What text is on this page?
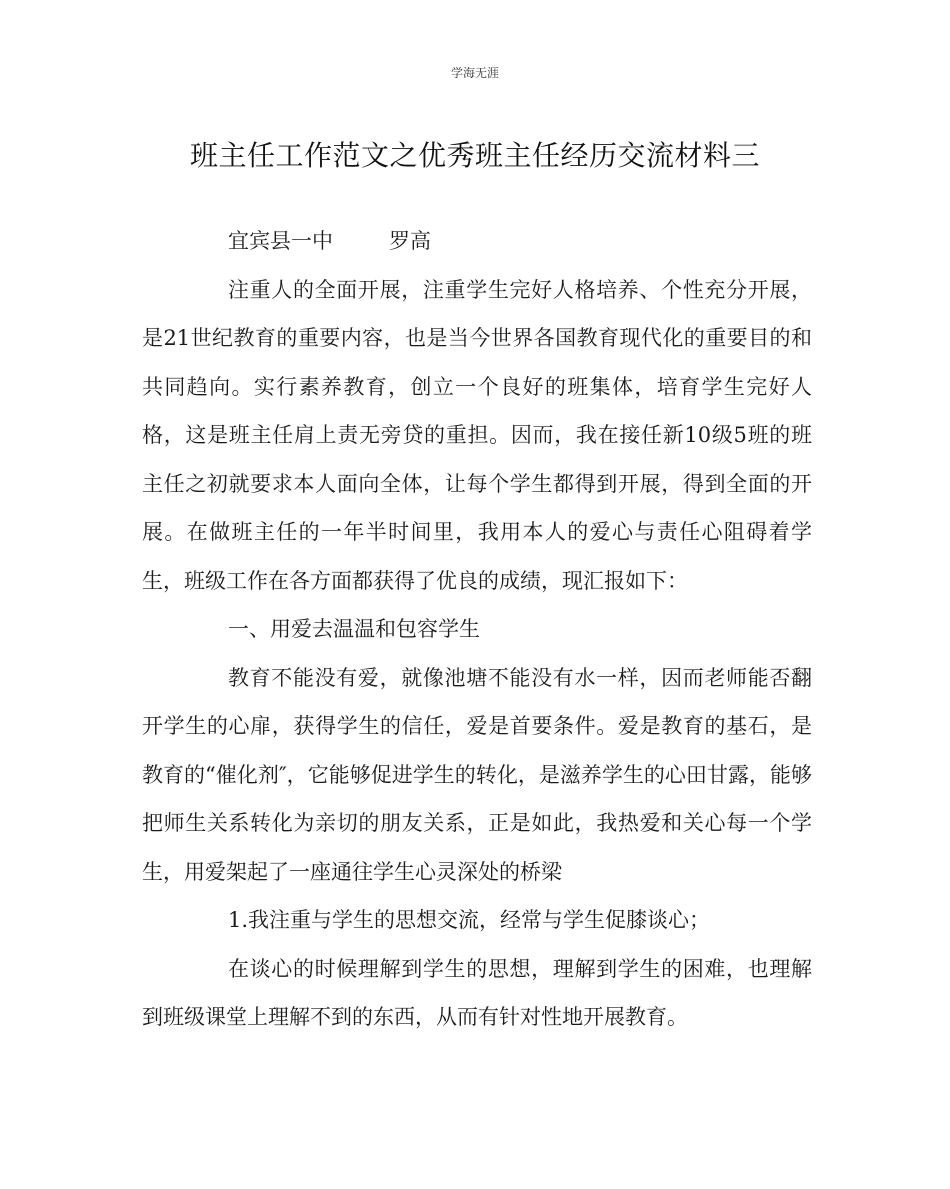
学海无涯
班主任工作范文之优秀班主任经历交流材料三

宜宾县一中	罗高

注重人的全面开展，注重学生完好人格培养、个性充分开展，是21世纪教育的重要内容，也是当今世界各国教育现代化的重要目的和共同趋向。实行素养教育，创立一个良好的班集体，培育学生完好人格，这是班主任肩上责无旁贷的重担。因而，我在接任新10级5班的班主任之初就要求本人面向全体，让每个学生都得到开展，得到全面的开展。在做班主任的一年半时间里，我用本人的爱心与责任心阻碍着学生，班级工作在各方面都获得了优良的成绩，现汇报如下：

一、用爱去温温和包容学生

教育不能没有爱，就像池塘不能没有水一样，因而老师能否翻开学生的心扉，获得学生的信任，爱是首要条件。爱是教育的基石，是教育的“催化剂″，它能够促进学生的转化，是滋养学生的心田甘露，能够把师生关系转化为亲切的朋友关系，正是如此，我热爱和关心每一个学生，用爱架起了一座通往学生心灵深处的桥梁

1.我注重与学生的思想交流，经常与学生促膝谈心；

在谈心的时候理解到学生的思想，理解到学生的困难，也理解到班级课堂上理解不到的东西，从而有针对性地开展教育。
